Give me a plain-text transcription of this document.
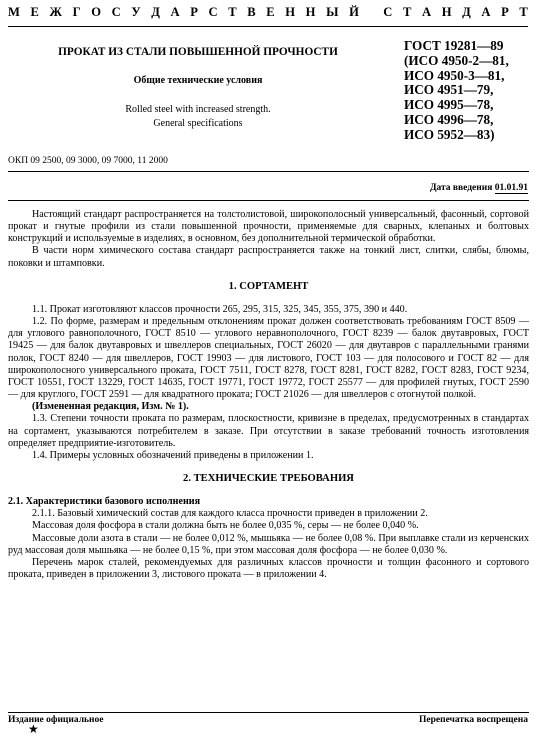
М Е Ж Г О С У Д А Р С Т В Е Н Н Ы Й
С Т А Н Д А Р Т
ПРОКАТ ИЗ СТАЛИ ПОВЫШЕННОЙ ПРОЧНОСТИ
Общие технические условия
Rolled steel with increased strength.
General specifications
ГОСТ 19281—89
(ИСО 4950-2—81,
ИСО 4950-3—81,
ИСО 4951—79,
ИСО 4995—78,
ИСО 4996—78,
ИСО 5952—83)
ОКП 09 2500, 09 3000, 09 7000, 11 2000
Дата введения 01.01.91

Настоящий стандарт распространяется на толстолистовой, широкополосный универсальный, фасонный, сортовой прокат и гнутые профили из стали повышенной прочности, применяемые для сварных, клепаных и болтовых конструкций и используемые в изделиях, в основном, без дополнительной термической обработки.

В части норм химического состава стандарт распространяется также на тонкий лист, слитки, слябы, блюмы, поковки и штамповки.

1. СОРТАМЕНТ

1.1. Прокат изготовляют классов прочности 265, 295, 315, 325, 345, 355, 375, 390 и 440.

1.2. По форме, размерам и предельным отклонениям прокат должен соответствовать требованиям ГОСТ 8509 — для углового равнополочного, ГОСТ 8510 — углового неравнополочного, ГОСТ 8239 — балок двутавровых, ГОСТ 19425 — для балок двутавровых и швеллеров специальных, ГОСТ 26020 — для двутавров с параллельными гранями полок, ГОСТ 8240 — для швеллеров, ГОСТ 19903 — для листового, ГОСТ 103 — для полосового и ГОСТ 82 — для широкополосного универсального проката, ГОСТ 7511, ГОСТ 8278, ГОСТ 8281, ГОСТ 8282, ГОСТ 8283, ГОСТ 9234, ГОСТ 10551, ГОСТ 13229, ГОСТ 14635, ГОСТ 19771, ГОСТ 19772, ГОСТ 25577 — для профилей гнутых, ГОСТ 2590 — для круглого, ГОСТ 2591 — для квадратного проката; ГОСТ 21026 — для швеллеров с отогнутой полкой.

(Измененная редакция, Изм. № 1).

1.3. Степени точности проката по размерам, плоскостности, кривизне в пределах, предусмотренных в стандартах на сортамент, указываются потребителем в заказе. При отсутствии в заказе требований точность изготовления определяет предприятие-изготовитель.

1.4. Примеры условных обозначений приведены в приложении 1.

2. ТЕХНИЧЕСКИЕ ТРЕБОВАНИЯ

2.1. Характеристики базового исполнения

2.1.1. Базовый химический состав для каждого класса прочности приведен в приложении 2.

Массовая доля фосфора в стали должна быть не более 0,035 %, серы — не более 0,040 %.

Массовые доли азота в стали — не более 0,012 %, мышьяка — не более 0,08 %. При выплавке стали из керченских руд массовая доля мышьяка — не более 0,15 %, при этом массовая доля фосфора — не более 0,030 %.

Перечень марок сталей, рекомендуемых для различных классов прочности и толщин фасонного и сортового проката, приведен в приложении 3, листового проката — в приложении 4.

Издание официальное	Перепечатка воспрещена
★
